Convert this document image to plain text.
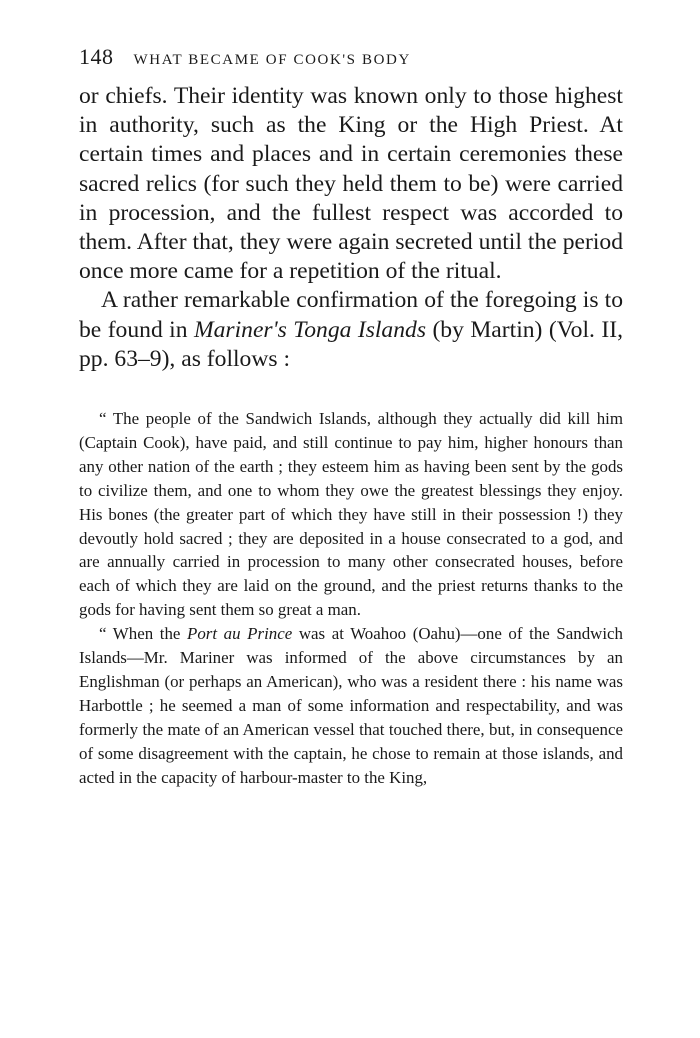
148 WHAT BECAME OF COOK'S BODY

or chiefs. Their identity was known only to those highest in authority, such as the King or the High Priest. At certain times and places and in certain ceremonies these sacred relics (for such they held them to be) were carried in procession, and the fullest respect was accorded to them. After that, they were again secreted until the period once more came for a repetition of the ritual.

A rather remarkable confirmation of the foregoing is to be found in Mariner's Tonga Islands (by Martin) (Vol. II, pp. 63–9), as follows :

“ The people of the Sandwich Islands, although they actually did kill him (Captain Cook), have paid, and still continue to pay him, higher honours than any other nation of the earth ; they esteem him as having been sent by the gods to civilize them, and one to whom they owe the greatest blessings they enjoy. His bones (the greater part of which they have still in their possession !) they devoutly hold sacred ; they are deposited in a house consecrated to a god, and are annually carried in procession to many other consecrated houses, before each of which they are laid on the ground, and the priest returns thanks to the gods for having sent them so great a man.

“ When the Port au Prince was at Woahoo (Oahu)—one of the Sandwich Islands—Mr. Mariner was informed of the above circumstances by an Englishman (or perhaps an American), who was a resident there : his name was Harbottle ; he seemed a man of some information and respectability, and was formerly the mate of an American vessel that touched there, but, in consequence of some disagreement with the captain, he chose to remain at those islands, and acted in the capacity of harbour-master to the King,
